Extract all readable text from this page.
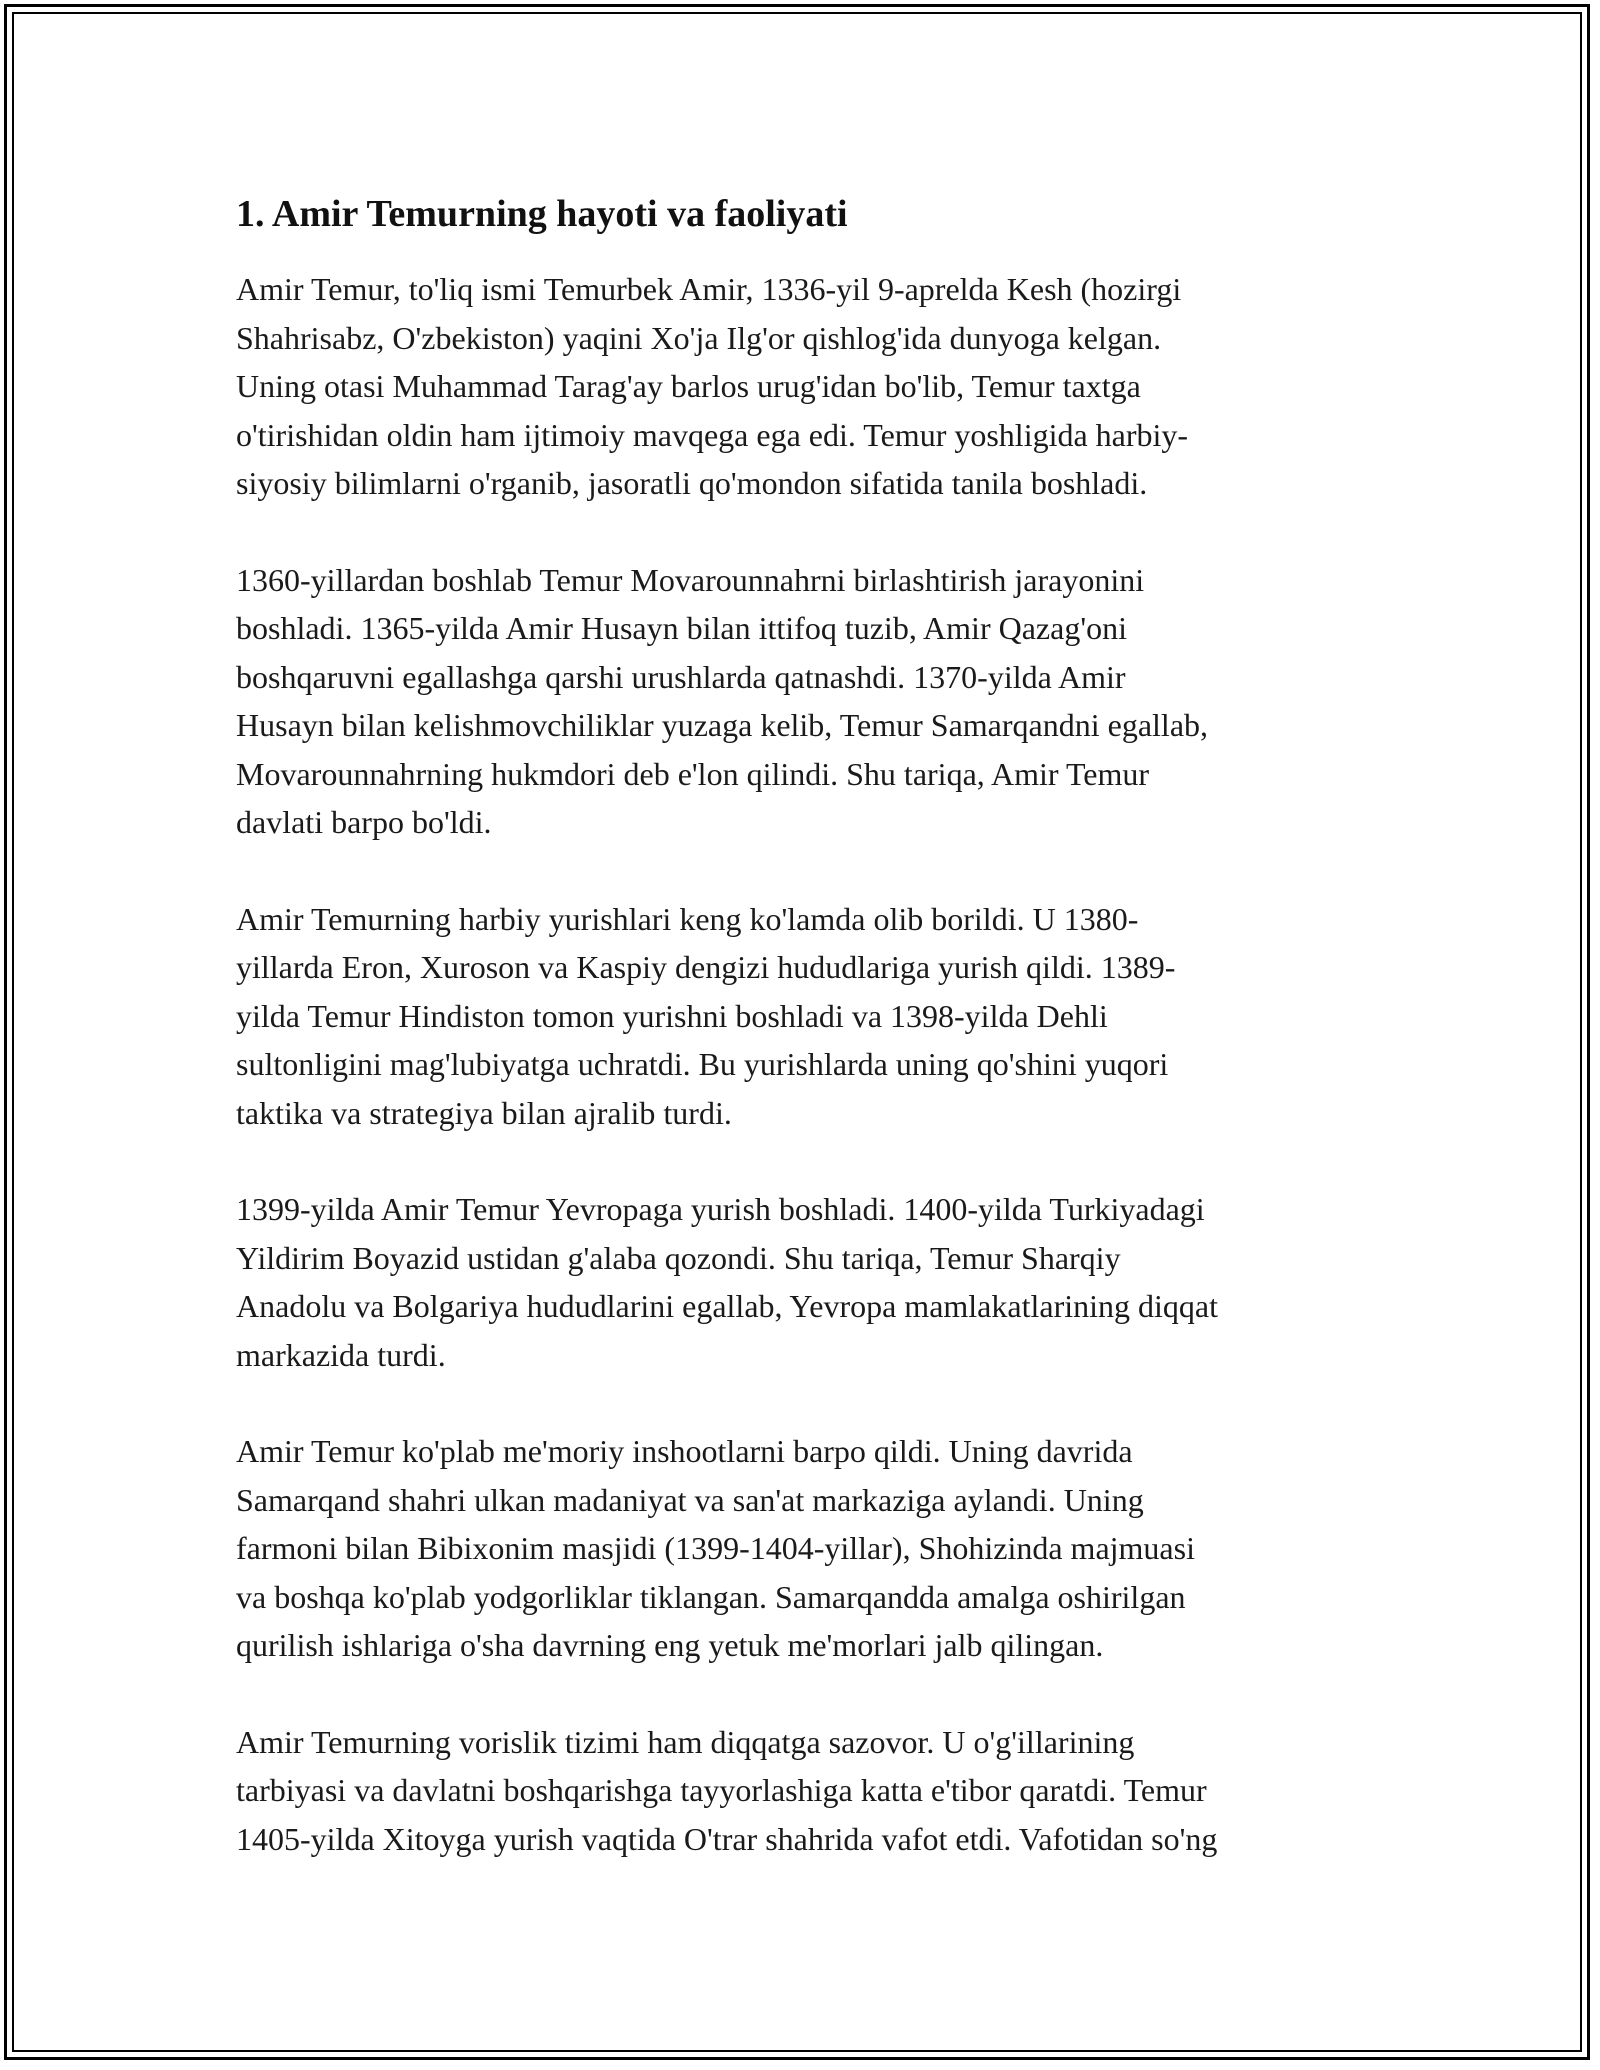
1. Amir Temurning hayoti va faoliyati

Amir Temur, to'liq ismi Temurbek Amir, 1336-yil 9-aprelda Kesh (hozirgi
Shahrisabz, O'zbekiston) yaqini Xo'ja Ilg'or qishlog'ida dunyoga kelgan.
Uning otasi Muhammad Tarag'ay barlos urug'idan bo'lib, Temur taxtga
o'tirishidan oldin ham ijtimoiy mavqega ega edi. Temur yoshligida harbiy-
siyosiy bilimlarni o'rganib, jasoratli qo'mondon sifatida tanila boshladi.

1360-yillardan boshlab Temur Movarounnahrni birlashtirish jarayonini
boshladi. 1365-yilda Amir Husayn bilan ittifoq tuzib, Amir Qazag'oni
boshqaruvni egallashga qarshi urushlarda qatnashdi. 1370-yilda Amir
Husayn bilan kelishmovchiliklar yuzaga kelib, Temur Samarqandni egallab,
Movarounnahrning hukmdori deb e'lon qilindi. Shu tariqa, Amir Temur
davlati barpo bo'ldi.

Amir Temurning harbiy yurishlari keng ko'lamda olib borildi. U 1380-
yillarda Eron, Xuroson va Kaspiy dengizi hududlariga yurish qildi. 1389-
yilda Temur Hindiston tomon yurishni boshladi va 1398-yilda Dehli
sultonligini mag'lubiyatga uchratdi. Bu yurishlarda uning qo'shini yuqori
taktika va strategiya bilan ajralib turdi.

1399-yilda Amir Temur Yevropaga yurish boshladi. 1400-yilda Turkiyadagi
Yildirim Boyazid ustidan g'alaba qozondi. Shu tariqa, Temur Sharqiy
Anadolu va Bolgariya hududlarini egallab, Yevropa mamlakatlarining diqqat
markazida turdi.

Amir Temur ko'plab me'moriy inshootlarni barpo qildi. Uning davrida
Samarqand shahri ulkan madaniyat va san'at markaziga aylandi. Uning
farmoni bilan Bibixonim masjidi (1399-1404-yillar), Shohizinda majmuasi
va boshqa ko'plab yodgorliklar tiklangan. Samarqandda amalga oshirilgan
qurilish ishlariga o'sha davrning eng yetuk me'morlari jalb qilingan.

Amir Temurning vorislik tizimi ham diqqatga sazovor. U o'g'illarining
tarbiyasi va davlatni boshqarishga tayyorlashiga katta e'tibor qaratdi. Temur
1405-yilda Xitoyga yurish vaqtida O'trar shahrida vafot etdi. Vafotidan so'ng
